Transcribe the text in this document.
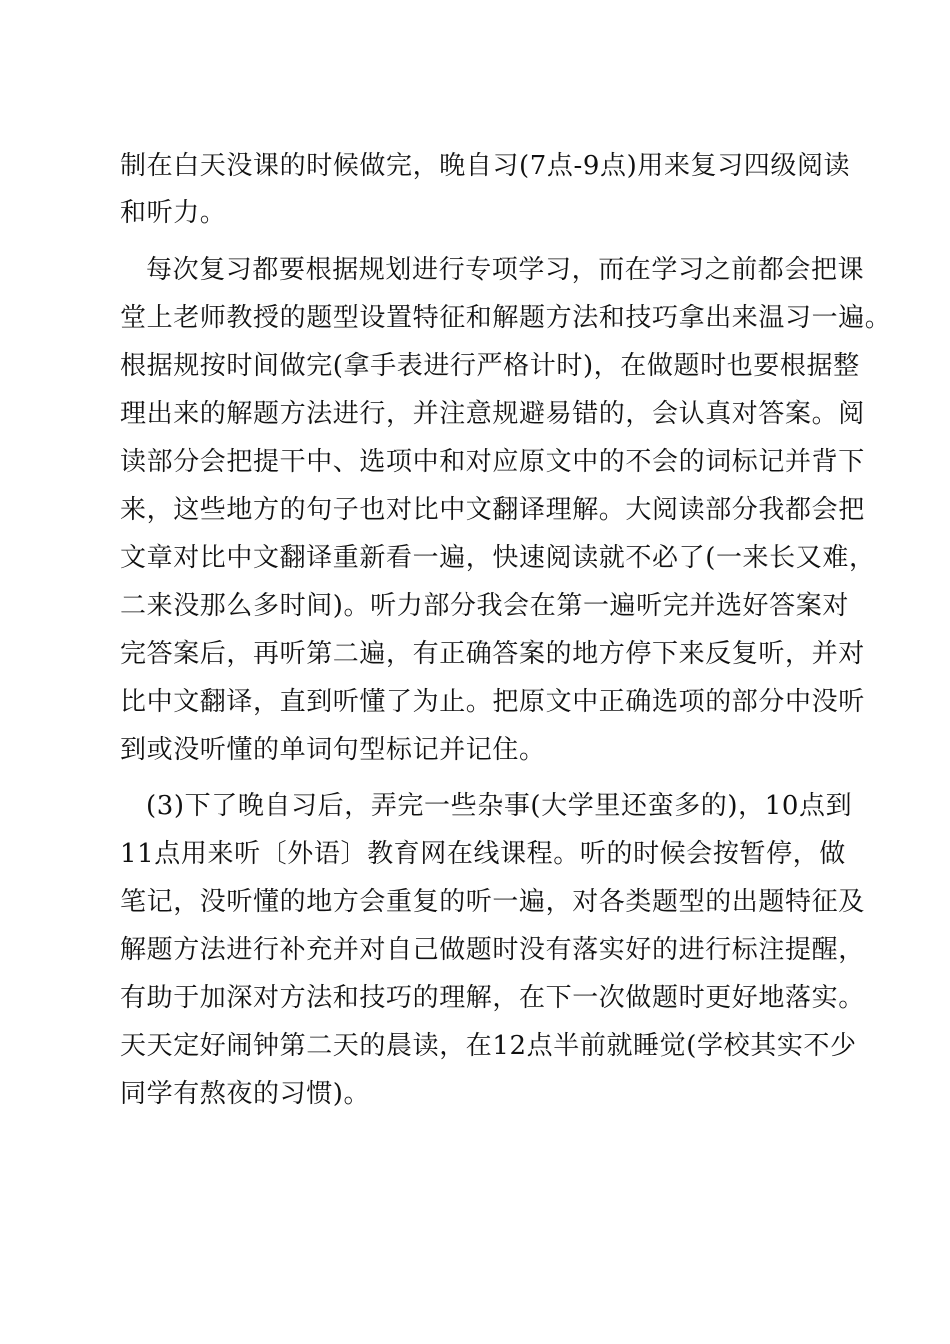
制在白天没课的时候做完，晚自习(7点-9点)用来复习四级阅读
和听力。
每次复习都要根据规划进行专项学习，而在学习之前都会把课
堂上老师教授的题型设置特征和解题方法和技巧拿出来温习一遍。
根据规按时间做完(拿手表进行严格计时)，在做题时也要根据整
理出来的解题方法进行，并注意规避易错的，会认真对答案。阅
读部分会把提干中、选项中和对应原文中的不会的词标记并背下
来，这些地方的句子也对比中文翻译理解。大阅读部分我都会把
文章对比中文翻译重新看一遍，快速阅读就不必了(一来长又难，
二来没那么多时间)。听力部分我会在第一遍听完并选好答案对
完答案后，再听第二遍，有正确答案的地方停下来反复听，并对
比中文翻译，直到听懂了为止。把原文中正确选项的部分中没听
到或没听懂的单词句型标记并记住。
(3)下了晚自习后，弄完一些杂事(大学里还蛮多的)，10点到
11点用来听〔外语〕教育网在线课程。听的时候会按暂停，做
笔记，没听懂的地方会重复的听一遍，对各类题型的出题特征及
解题方法进行补充并对自己做题时没有落实好的进行标注提醒，
有助于加深对方法和技巧的理解，在下一次做题时更好地落实。
天天定好闹钟第二天的晨读，在12点半前就睡觉(学校其实不少
同学有熬夜的习惯)。
